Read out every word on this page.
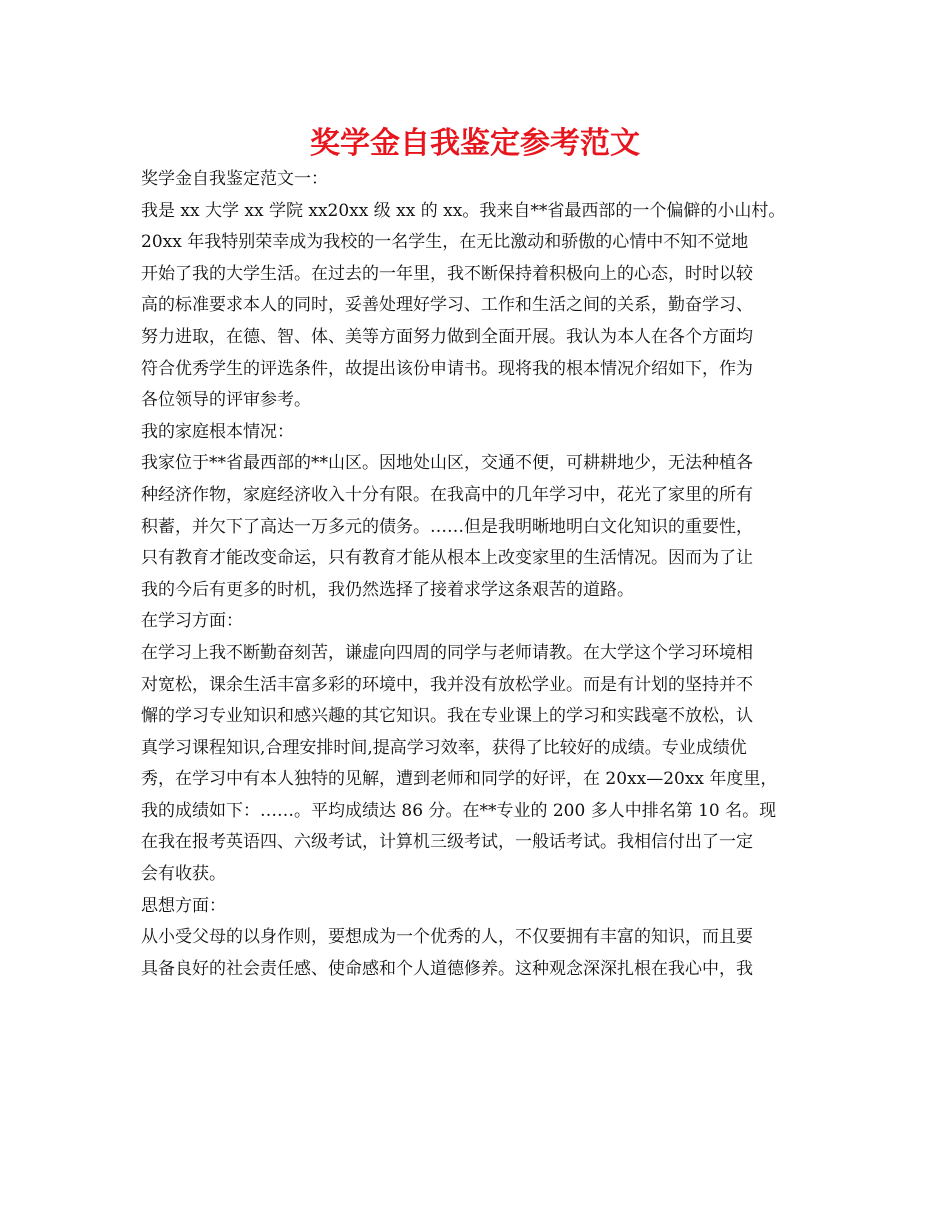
奖学金自我鉴定参考范文
奖学金自我鉴定范文一：
我是 xx 大学 xx 学院 xx20xx 级 xx 的 xx。我来自**省最西部的一个偏僻的小山村。
20xx 年我特别荣幸成为我校的一名学生，在无比激动和骄傲的心情中不知不觉地
开始了我的大学生活。在过去的一年里，我不断保持着积极向上的心态，时时以较
高的标准要求本人的同时，妥善处理好学习、工作和生活之间的关系，勤奋学习、
努力进取，在德、智、体、美等方面努力做到全面开展。我认为本人在各个方面均
符合优秀学生的评选条件，故提出该份申请书。现将我的根本情况介绍如下，作为
各位领导的评审参考。
我的家庭根本情况：
我家位于**省最西部的**山区。因地处山区，交通不便，可耕耕地少，无法种植各
种经济作物，家庭经济收入十分有限。在我高中的几年学习中，花光了家里的所有
积蓄，并欠下了高达一万多元的债务。……但是我明晰地明白文化知识的重要性，
只有教育才能改变命运，只有教育才能从根本上改变家里的生活情况。因而为了让
我的今后有更多的时机，我仍然选择了接着求学这条艰苦的道路。
在学习方面：
在学习上我不断勤奋刻苦，谦虚向四周的同学与老师请教。在大学这个学习环境相
对宽松，课余生活丰富多彩的环境中，我并没有放松学业。而是有计划的坚持并不
懈的学习专业知识和感兴趣的其它知识。我在专业课上的学习和实践毫不放松，认
真学习课程知识,合理安排时间,提高学习效率，获得了比较好的成绩。专业成绩优
秀，在学习中有本人独特的见解，遭到老师和同学的好评，在 20xx—20xx 年度里，
我的成绩如下：……。平均成绩达 86 分。在**专业的 200 多人中排名第 10 名。现
在我在报考英语四、六级考试，计算机三级考试，一般话考试。我相信付出了一定
会有收获。
思想方面：
从小受父母的以身作则，要想成为一个优秀的人，不仅要拥有丰富的知识，而且要
具备良好的社会责任感、使命感和个人道德修养。这种观念深深扎根在我心中，我
